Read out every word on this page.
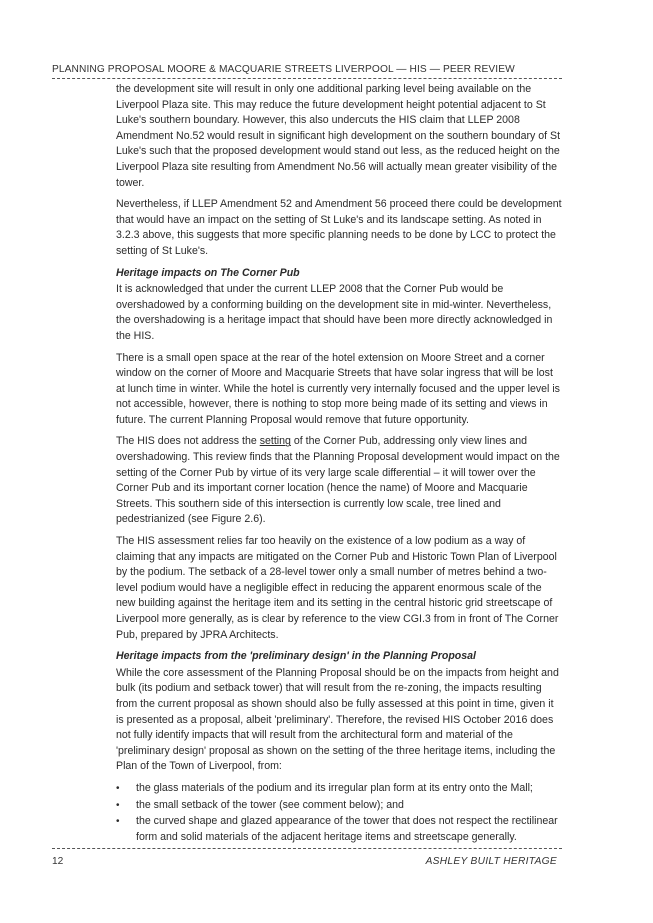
PLANNING PROPOSAL MOORE & MACQUARIE STREETS LIVERPOOL — HIS — PEER REVIEW

the development site will result in only one additional parking level being available on the Liverpool Plaza site. This may reduce the future development height potential adjacent to St Luke's southern boundary. However, this also undercuts the HIS claim that LLEP 2008 Amendment No.52 would result in significant high development on the southern boundary of St Luke's such that the proposed development would stand out less, as the reduced height on the Liverpool Plaza site resulting from Amendment No.56 will actually mean greater visibility of the tower.

Nevertheless, if LLEP Amendment 52 and Amendment 56 proceed there could be development that would have an impact on the setting of St Luke's and its landscape setting. As noted in 3.2.3 above, this suggests that more specific planning needs to be done by LCC to protect the setting of St Luke's.

Heritage impacts on The Corner Pub

It is acknowledged that under the current LLEP 2008 that the Corner Pub would be overshadowed by a conforming building on the development site in mid-winter. Nevertheless, the overshadowing is a heritage impact that should have been more directly acknowledged in the HIS.

There is a small open space at the rear of the hotel extension on Moore Street and a corner window on the corner of Moore and Macquarie Streets that have solar ingress that will be lost at lunch time in winter. While the hotel is currently very internally focused and the upper level is not accessible, however, there is nothing to stop more being made of its setting and views in future. The current Planning Proposal would remove that future opportunity.

The HIS does not address the setting of the Corner Pub, addressing only view lines and overshadowing. This review finds that the Planning Proposal development would impact on the setting of the Corner Pub by virtue of its very large scale differential – it will tower over the Corner Pub and its important corner location (hence the name) of Moore and Macquarie Streets. This southern side of this intersection is currently low scale, tree lined and pedestrianized (see Figure 2.6).

The HIS assessment relies far too heavily on the existence of a low podium as a way of claiming that any impacts are mitigated on the Corner Pub and Historic Town Plan of Liverpool by the podium. The setback of a 28-level tower only a small number of metres behind a two-level podium would have a negligible effect in reducing the apparent enormous scale of the new building against the heritage item and its setting in the central historic grid streetscape of Liverpool more generally, as is clear by reference to the view CGI.3 from in front of The Corner Pub, prepared by JPRA Architects.

Heritage impacts from the 'preliminary design' in the Planning Proposal

While the core assessment of the Planning Proposal should be on the impacts from height and bulk (its podium and setback tower) that will result from the re-zoning, the impacts resulting from the current proposal as shown should also be fully assessed at this point in time, given it is presented as a proposal, albeit 'preliminary'. Therefore, the revised HIS October 2016 does not fully identify impacts that will result from the architectural form and material of the 'preliminary design' proposal as shown on the setting of the three heritage items, including the Plan of the Town of Liverpool, from:

• the glass materials of the podium and its irregular plan form at its entry onto the Mall;
• the small setback of the tower (see comment below); and
• the curved shape and glazed appearance of the tower that does not respect the rectilinear form and solid materials of the adjacent heritage items and streetscape generally.
12	ASHLEY BUILT HERITAGE
